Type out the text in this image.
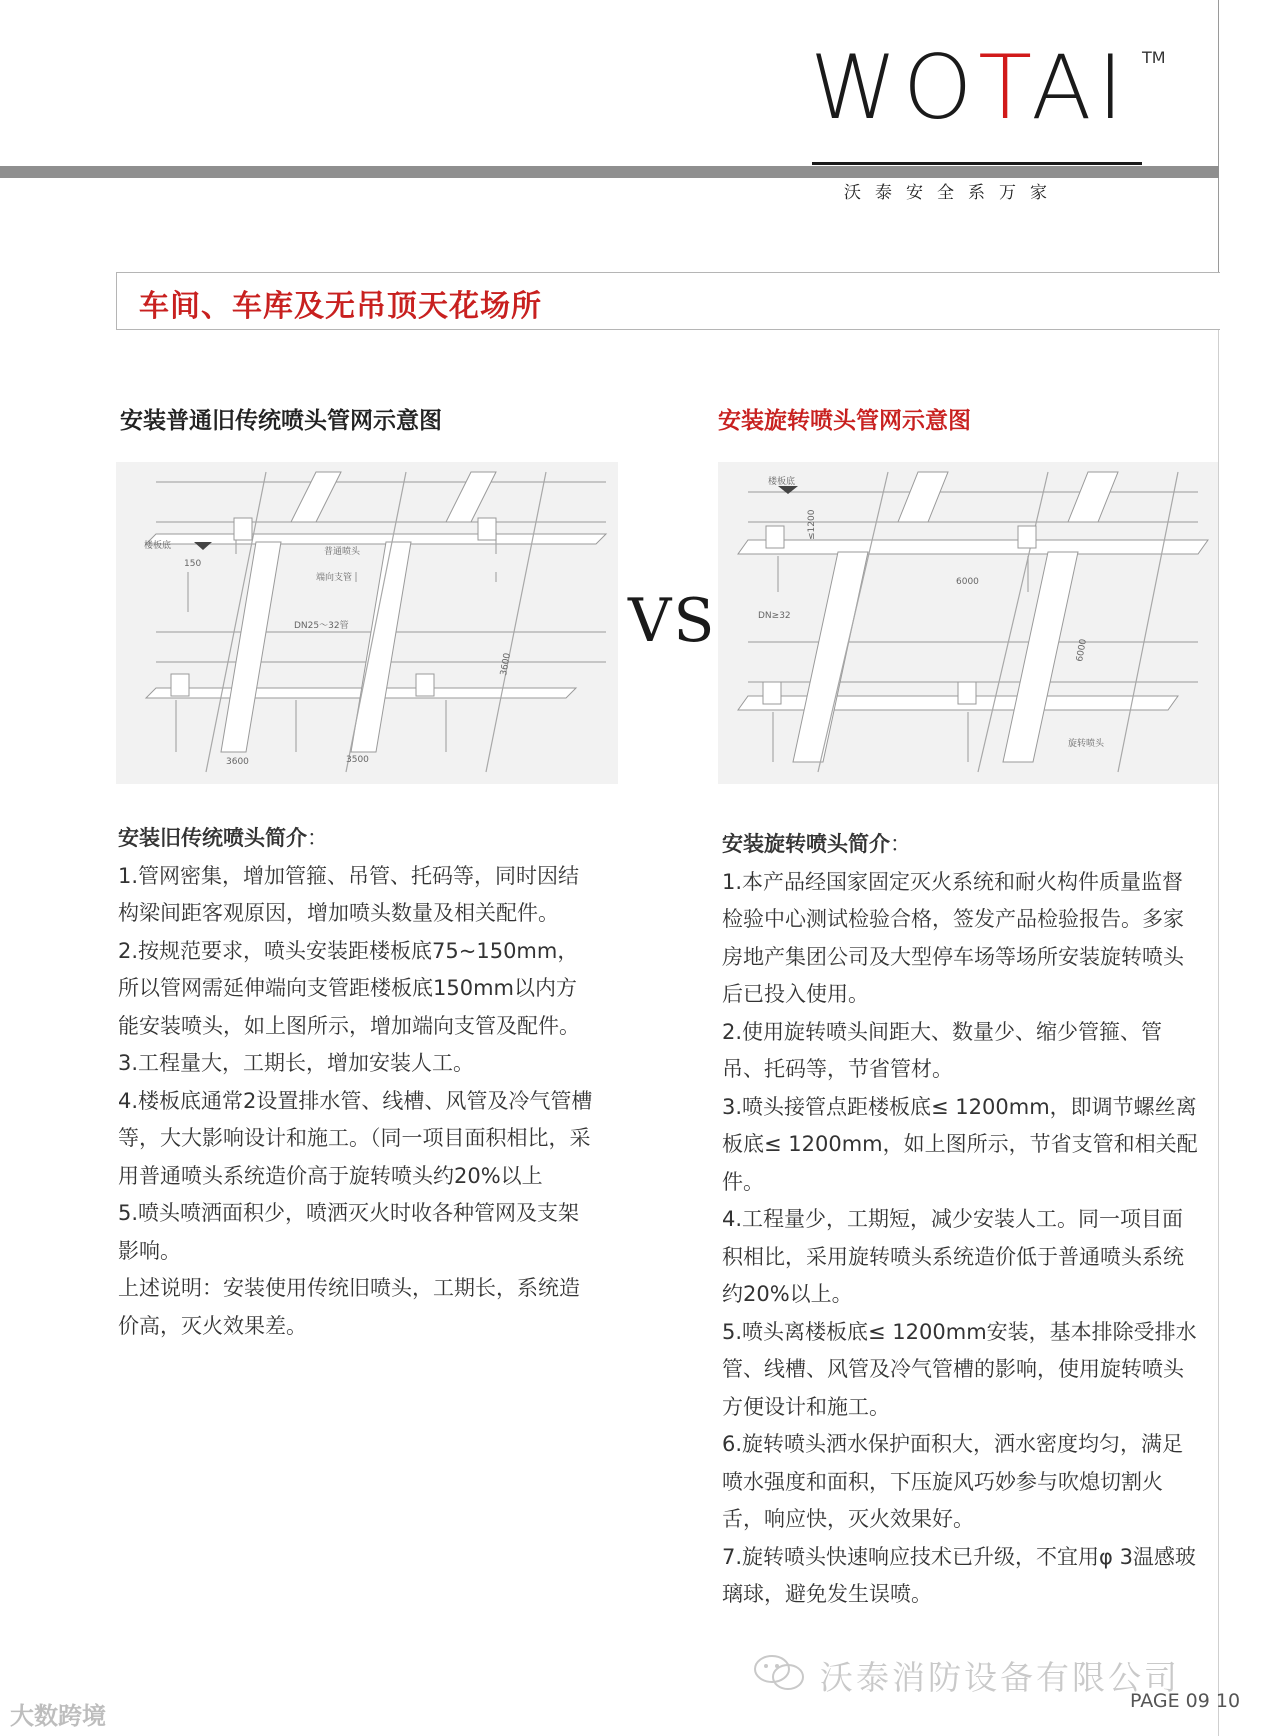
WOTAI TM
沃泰安全系万家
车间、车库及无吊顶天花场所
安装普通旧传统喷头管网示意图	安装旋转喷头管网示意图
楼板底
150
普通喷头
端向支管
DN25～32管
3600
3600	3500
VS
楼板底
≤1200
6000
DN≥32
6000
旋转喷头

安装旧传统喷头简介：

1.管网密集，增加管箍、吊管、托码等，同时因结构梁间距客观原因，增加喷头数量及相关配件。

2.按规范要求，喷头安装距楼板底75~150mm，所以管网需延伸端向支管距楼板底150mm以内方能安装喷头，如上图所示，增加端向支管及配件。

3.工程量大，工期长，增加安装人工。

4.楼板底通常2设置排水管、线槽、风管及冷气管槽等，大大影响设计和施工。（同一项目面积相比，采用普通喷头系统造价高于旋转喷头约20%以上

5.喷头喷洒面积少，喷洒灭火时收各种管网及支架影响。

上述说明：安装使用传统旧喷头，工期长，系统造价高，灭火效果差。

安装旋转喷头简介：

1.本产品经国家固定灭火系统和耐火构件质量监督检验中心测试检验合格，签发产品检验报告。多家房地产集团公司及大型停车场等场所安装旋转喷头后已投入使用。

2.使用旋转喷头间距大、数量少、缩少管箍、管吊、托码等，节省管材。

3.喷头接管点距楼板底≤ 1200mm，即调节螺丝离板底≤ 1200mm，如上图所示，节省支管和相关配件。

4.工程量少，工期短，减少安装人工。同一项目面积相比，采用旋转喷头系统造价低于普通喷头系统约20%以上。

5.喷头离楼板底≤ 1200mm安装，基本排除受排水管、线槽、风管及冷气管槽的影响，使用旋转喷头方便设计和施工。

6.旋转喷头洒水保护面积大，洒水密度均匀，满足喷水强度和面积，下压旋风巧妙参与吹熄切割火舌，响应快，灭火效果好。

7.旋转喷头快速响应技术已升级，不宜用φ 3温感玻璃球，避免发生误喷。

沃泰消防设备有限公司
PAGE 09 10
大数跨境
